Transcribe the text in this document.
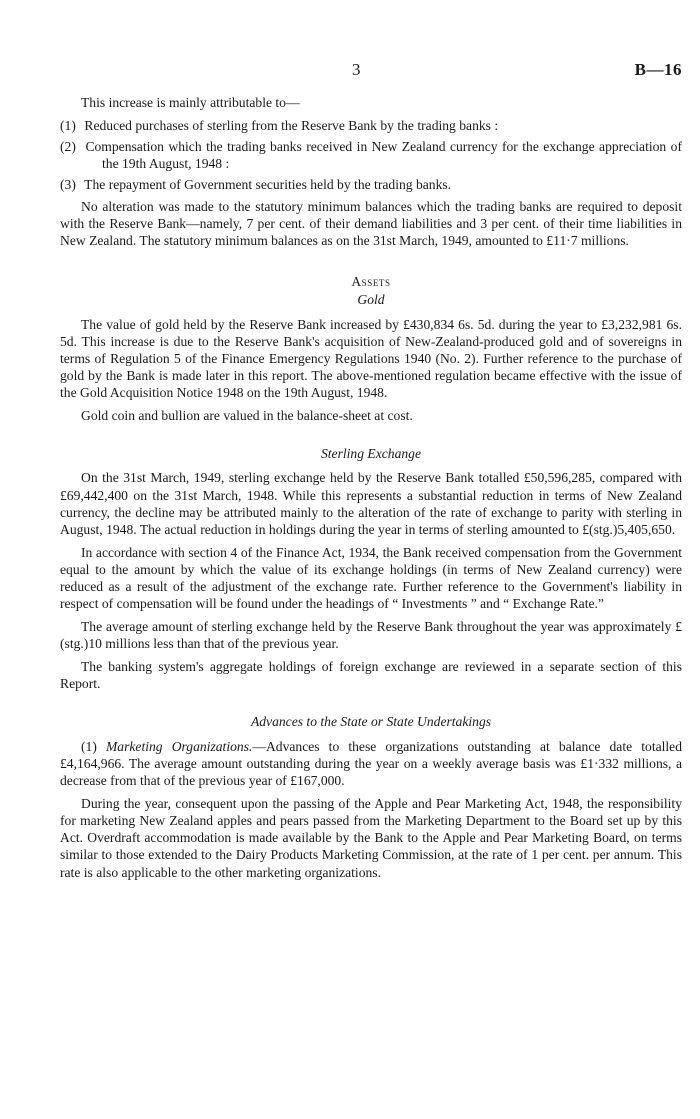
3	B—16

This increase is mainly attributable to—

(1) Reduced purchases of sterling from the Reserve Bank by the trading banks :

(2) Compensation which the trading banks received in New Zealand currency for the exchange appreciation of the 19th August, 1948 :

(3) The repayment of Government securities held by the trading banks.

No alteration was made to the statutory minimum balances which the trading banks are required to deposit with the Reserve Bank—namely, 7 per cent. of their demand liabilities and 3 per cent. of their time liabilities in New Zealand. The statutory minimum balances as on the 31st March, 1949, amounted to £11·7 millions.

Assets
Gold

The value of gold held by the Reserve Bank increased by £430,834 6s. 5d. during the year to £3,232,981 6s. 5d. This increase is due to the Reserve Bank's acquisition of New-Zealand-produced gold and of sovereigns in terms of Regulation 5 of the Finance Emergency Regulations 1940 (No. 2). Further reference to the purchase of gold by the Bank is made later in this report. The above-mentioned regulation became effective with the issue of the Gold Acquisition Notice 1948 on the 19th August, 1948.

Gold coin and bullion are valued in the balance-sheet at cost.

Sterling Exchange

On the 31st March, 1949, sterling exchange held by the Reserve Bank totalled £50,596,285, compared with £69,442,400 on the 31st March, 1948. While this represents a substantial reduction in terms of New Zealand currency, the decline may be attributed mainly to the alteration of the rate of exchange to parity with sterling in August, 1948. The actual reduction in holdings during the year in terms of sterling amounted to £(stg.)5,405,650.

In accordance with section 4 of the Finance Act, 1934, the Bank received compensation from the Government equal to the amount by which the value of its exchange holdings (in terms of New Zealand currency) were reduced as a result of the adjustment of the exchange rate. Further reference to the Government's liability in respect of compensation will be found under the headings of “ Investments ” and “ Exchange Rate.”

The average amount of sterling exchange held by the Reserve Bank throughout the year was approximately £(stg.)10 millions less than that of the previous year.

The banking system's aggregate holdings of foreign exchange are reviewed in a separate section of this Report.

Advances to the State or State Undertakings

(1) Marketing Organizations.—Advances to these organizations outstanding at balance date totalled £4,164,966. The average amount outstanding during the year on a weekly average basis was £1·332 millions, a decrease from that of the previous year of £167,000.

During the year, consequent upon the passing of the Apple and Pear Marketing Act, 1948, the responsibility for marketing New Zealand apples and pears passed from the Marketing Department to the Board set up by this Act. Overdraft accommodation is made available by the Bank to the Apple and Pear Marketing Board, on terms similar to those extended to the Dairy Products Marketing Commission, at the rate of 1 per cent. per annum. This rate is also applicable to the other marketing organizations.
